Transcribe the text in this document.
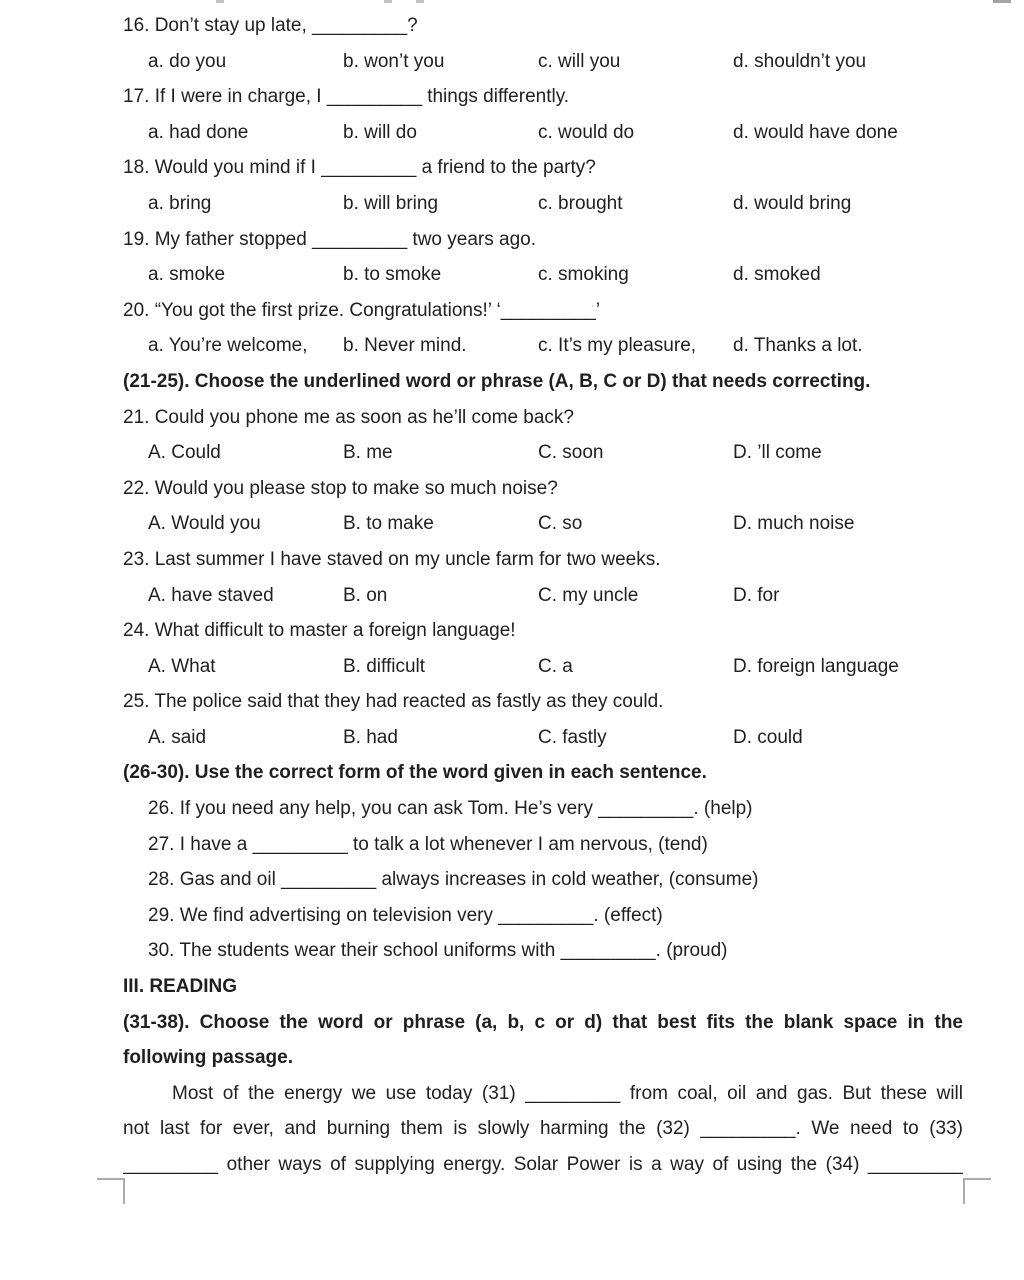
16. Don’t stay up late, _________?
a. do you	b. won’t you	c. will you	d. shouldn’t you
17. If I were in charge, I _________ things differently.
a. had done	b. will do	c. would do	d. would have done
18. Would you mind if I _________ a friend to the party?
a. bring	b. will bring	c. brought	d. would bring
19. My father stopped _________ two years ago.
a. smoke	b. to smoke	c. smoking	d. smoked
20. “You got the first prize. Congratulations!’ ‘_________’
a. You’re welcome,	b. Never mind.	c. It’s my pleasure,	d. Thanks a lot.
(21-25). Choose the underlined word or phrase (A, B, C or D) that needs correcting.
21. Could you phone me as soon as he’ll come back?
A. Could	B. me	C. soon	D. ’ll come
22. Would you please stop to make so much noise?
A. Would you	B. to make	C. so	D. much noise
23. Last summer I have staved on my uncle farm for two weeks.
A. have staved	B. on	C. my uncle	D. for
24. What difficult to master a foreign language!
A. What	B. difficult	C. a	D. foreign language
25. The police said that they had reacted as fastly as they could.
A. said	B. had	C. fastly	D. could
(26-30). Use the correct form of the word given in each sentence.
26. If you need any help, you can ask Tom. He’s very _________. (help)
27. I have a _________ to talk a lot whenever I am nervous, (tend)
28. Gas and oil _________ always increases in cold weather, (consume)
29. We find advertising on television very _________. (effect)
30. The students wear their school uniforms with _________. (proud)
III. READING
(31-38). Choose the word or phrase (a, b, c or d) that best fits the blank space in the
following passage.
Most of the energy we use today (31) _________ from coal, oil and gas. But these will
not last for ever, and burning them is slowly harming the (32) _________. We need to (33)
_________ other ways of supplying energy. Solar Power is a way of using the (34) _________
